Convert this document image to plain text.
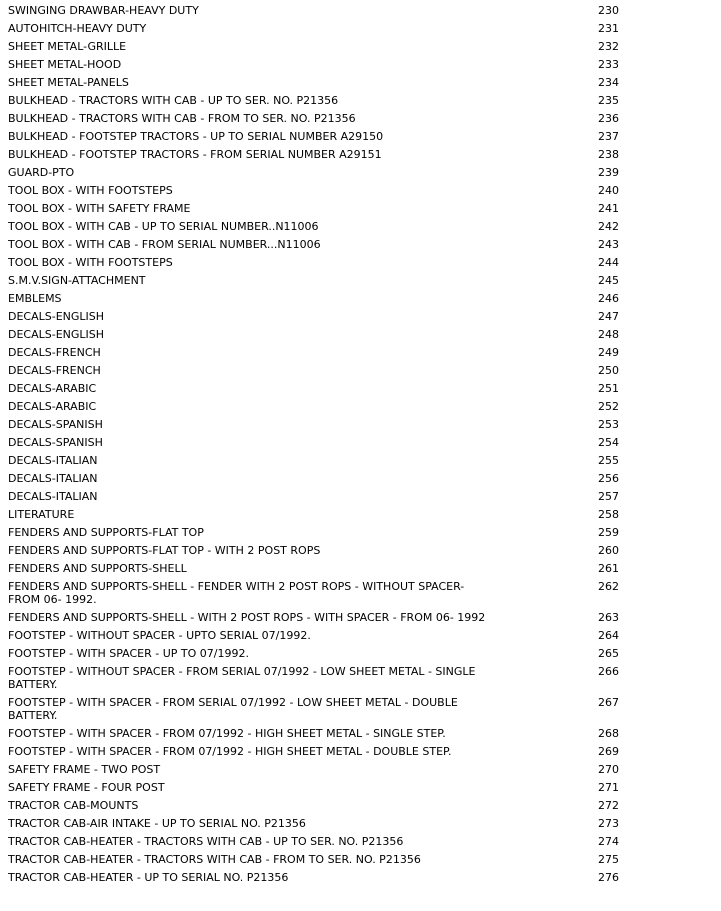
SWINGING DRAWBAR-HEAVY DUTY	230
AUTOHITCH-HEAVY DUTY	231
SHEET METAL-GRILLE	232
SHEET METAL-HOOD	233
SHEET METAL-PANELS	234
BULKHEAD - TRACTORS WITH CAB - UP TO SER. NO. P21356	235
BULKHEAD - TRACTORS WITH CAB - FROM TO SER. NO. P21356	236
BULKHEAD - FOOTSTEP TRACTORS - UP TO SERIAL NUMBER A29150	237
BULKHEAD - FOOTSTEP TRACTORS - FROM SERIAL NUMBER A29151	238
GUARD-PTO	239
TOOL BOX - WITH FOOTSTEPS	240
TOOL BOX - WITH SAFETY FRAME	241
TOOL BOX - WITH CAB - UP TO SERIAL NUMBER..N11006	242
TOOL BOX - WITH CAB - FROM SERIAL NUMBER...N11006	243
TOOL BOX - WITH FOOTSTEPS	244
S.M.V.SIGN-ATTACHMENT	245
EMBLEMS	246
DECALS-ENGLISH	247
DECALS-ENGLISH	248
DECALS-FRENCH	249
DECALS-FRENCH	250
DECALS-ARABIC	251
DECALS-ARABIC	252
DECALS-SPANISH	253
DECALS-SPANISH	254
DECALS-ITALIAN	255
DECALS-ITALIAN	256
DECALS-ITALIAN	257
LITERATURE	258
FENDERS AND SUPPORTS-FLAT TOP	259
FENDERS AND SUPPORTS-FLAT TOP - WITH 2 POST ROPS	260
FENDERS AND SUPPORTS-SHELL	261
FENDERS AND SUPPORTS-SHELL - FENDER WITH 2 POST ROPS - WITHOUT SPACER- FROM 06- 1992.
262
FENDERS AND SUPPORTS-SHELL - WITH 2 POST ROPS - WITH SPACER - FROM 06- 1992	263
FOOTSTEP - WITHOUT SPACER - UPTO SERIAL 07/1992.	264
FOOTSTEP - WITH SPACER - UP TO 07/1992.	265
FOOTSTEP - WITHOUT SPACER - FROM SERIAL 07/1992 - LOW SHEET METAL - SINGLE BATTERY.
266
FOOTSTEP - WITH SPACER - FROM SERIAL 07/1992 - LOW SHEET METAL - DOUBLE BATTERY.
267
FOOTSTEP - WITH SPACER - FROM 07/1992 - HIGH SHEET METAL - SINGLE STEP.	268
FOOTSTEP - WITH SPACER - FROM 07/1992 - HIGH SHEET METAL - DOUBLE STEP.	269
SAFETY FRAME - TWO POST	270
SAFETY FRAME - FOUR POST	271
TRACTOR CAB-MOUNTS	272
TRACTOR CAB-AIR INTAKE - UP TO SERIAL NO. P21356	273
TRACTOR CAB-HEATER - TRACTORS WITH CAB - UP TO SER. NO. P21356	274
TRACTOR CAB-HEATER - TRACTORS WITH CAB - FROM TO SER. NO. P21356	275
TRACTOR CAB-HEATER - UP TO SERIAL NO. P21356	276
